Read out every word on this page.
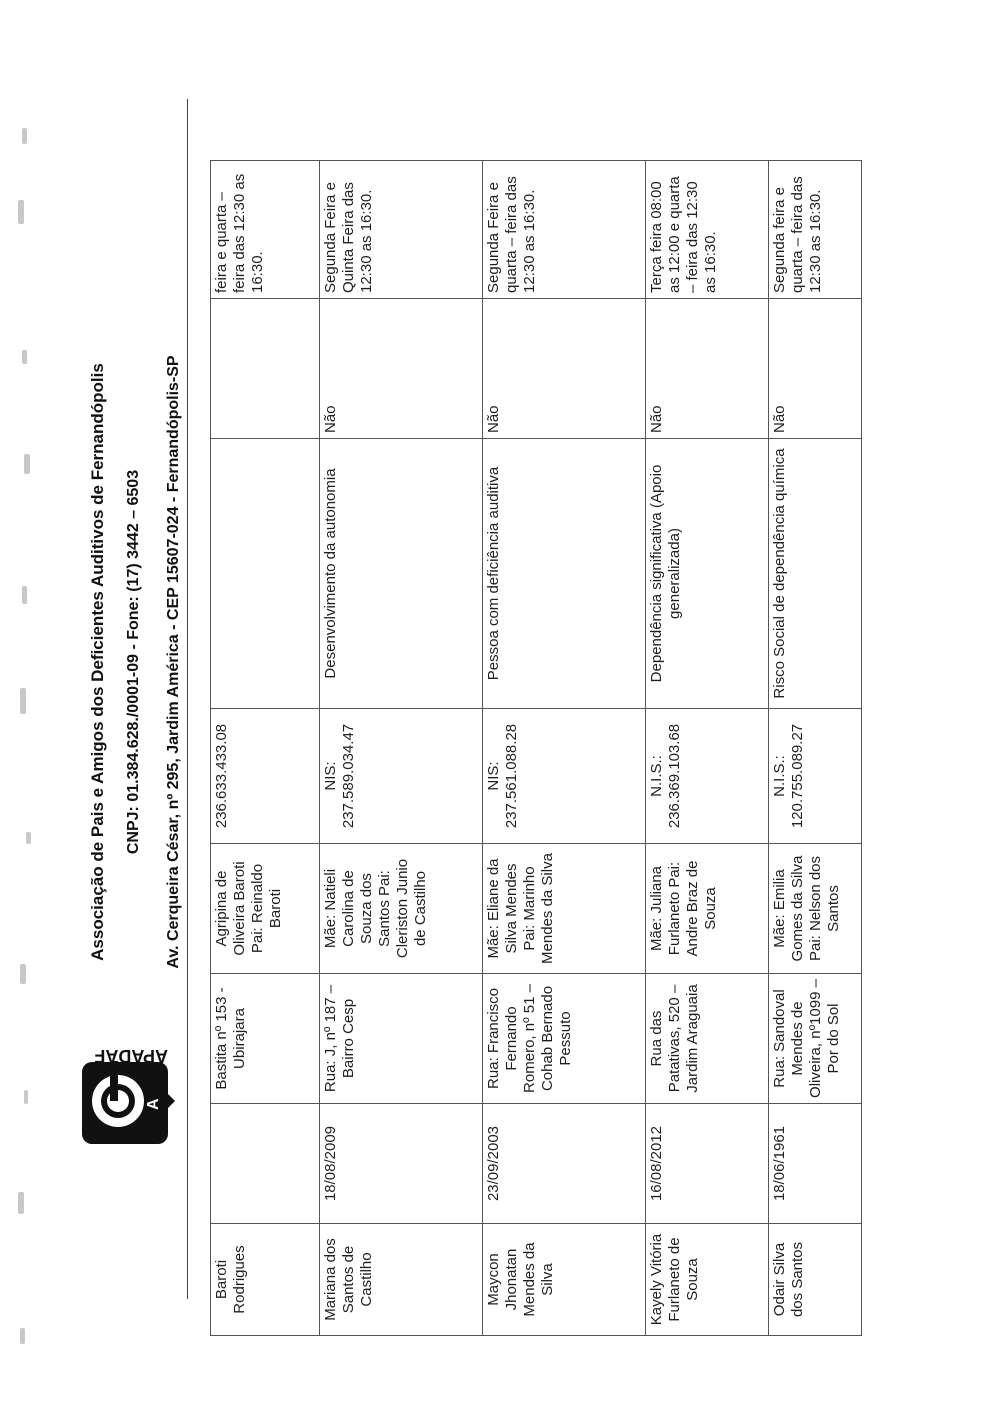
A
APADAF
Associação de Pais e Amigos dos Deficientes Auditivos de Fernandópolis CNPJ: 01.384.628./0001-09 - Fone: (17) 3442 – 6503 Av. Cerqueira César, nº 295, Jardim América - CEP 15607-024 - Fernandópolis-SP
Baroti Rodrigues		Bastita nº 153 - Ubirajara	Agripina de Oliveira Baroti Pai: Reinaldo Baroti	236.633.433.08			feira e quarta – feira das 12:30 as 16:30.
Mariana dos Santos de Castilho	18/08/2009	Rua: J, nº 187 – Bairro Cesp	Mãe: Natieli Carolina de Souza dos Santos Pai: Cleriston Junio de Castilho	NIS: 237.589.034.47	Desenvolvimento da autonomia	Não	Segunda Feira e Quinta Feira das 12:30 as 16:30.
Maycon Jhonatan Mendes da Silva	23/09/2003	Rua: Francisco Fernando Romero, nº 51 – Cohab Bernado Pessuto	Mãe: Eliane da Silva Mendes Pai: Marinho Mendes da Silva	NIS: 237.561.088.28	Pessoa com deficiência auditiva	Não	Segunda Feira e quarta – feira das 12:30 as 16:30.
Kayely Vitória Furlaneto de Souza	16/08/2012	Rua das Patativas, 520 – Jardim Araguaia	Mãe: Juliana Furlaneto Pai: Andre Braz de Souza	N.I.S.: 236.369.103.68	Dependência significativa (Apoio generalizada)	Não	Terça feira 08:00 as 12:00 e quarta – feira das 12:30 as 16:30.
Odair Silva dos Santos	18/06/1961	Rua: Sandoval Mendes de Oliveira, nº1099 – Por do Sol	Mãe: Emilia Gomes da Silva Pai: Nelson dos Santos	N.I.S.: 120.755.089.27	Risco Social de dependência química	Não	Segunda feira e quarta – feira das 12:30 as 16:30.
